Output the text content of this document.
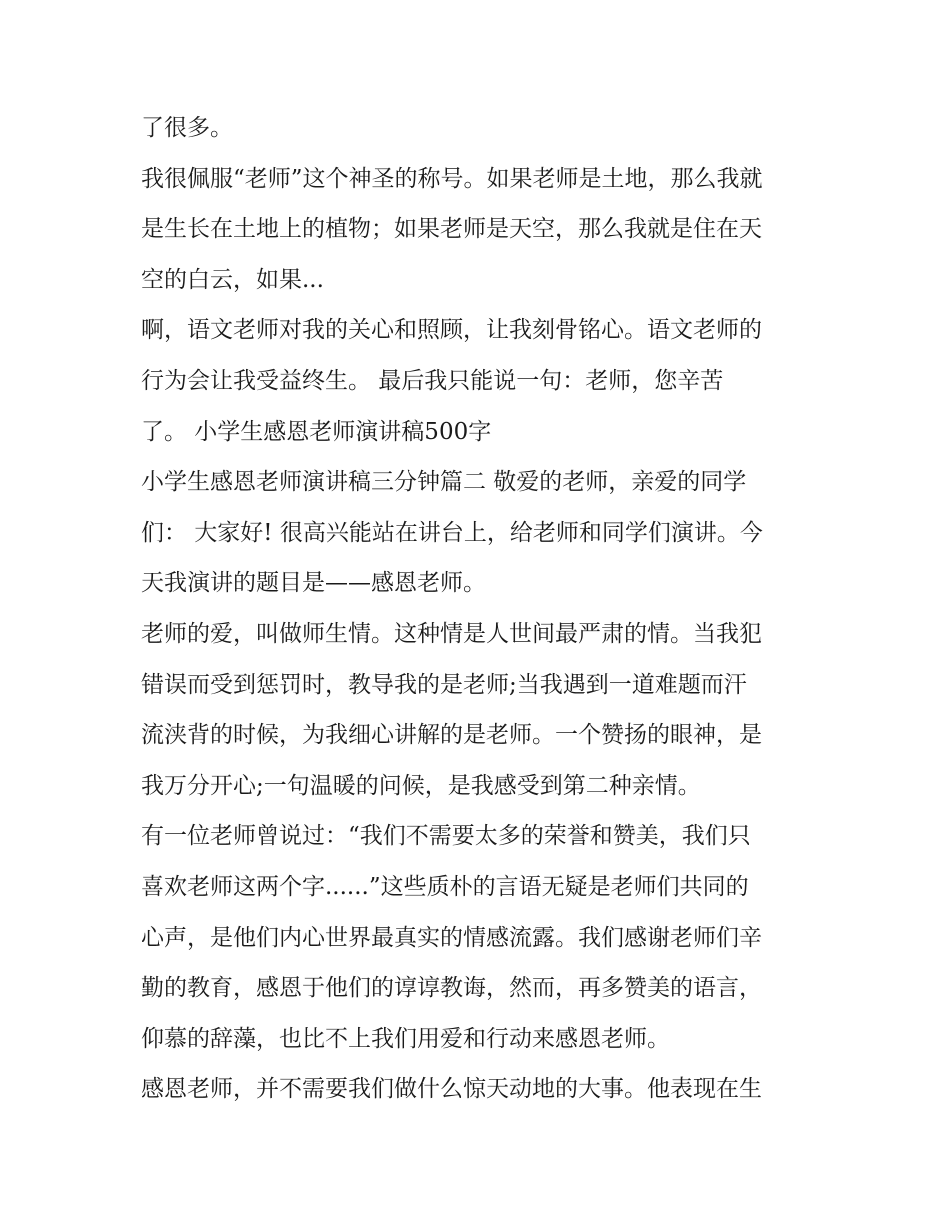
了很多。
我很佩服“老师”这个神圣的称号。如果老师是土地，那么我就
是生长在土地上的植物；如果老师是天空，那么我就是住在天
空的白云，如果...
啊，语文老师对我的关心和照顾，让我刻骨铭心。语文老师的
行为会让我受益终生。 最后我只能说一句：老师，您辛苦
了。 小学生感恩老师演讲稿500字
小学生感恩老师演讲稿三分钟篇二 敬爱的老师，亲爱的同学
们： 大家好! 很高兴能站在讲台上，给老师和同学们演讲。今
天我演讲的题目是——感恩老师。
老师的爱，叫做师生情。这种情是人世间最严肃的情。当我犯
错误而受到惩罚时，教导我的是老师;当我遇到一道难题而汗
流浃背的时候，为我细心讲解的是老师。一个赞扬的眼神，是
我万分开心;一句温暖的问候，是我感受到第二种亲情。
有一位老师曾说过：“我们不需要太多的荣誉和赞美，我们只
喜欢老师这两个字......”这些质朴的言语无疑是老师们共同的
心声，是他们内心世界最真实的情感流露。我们感谢老师们辛
勤的教育，感恩于他们的谆谆教诲，然而，再多赞美的语言，
仰慕的辞藻，也比不上我们用爱和行动来感恩老师。
感恩老师，并不需要我们做什么惊天动地的大事。他表现在生
